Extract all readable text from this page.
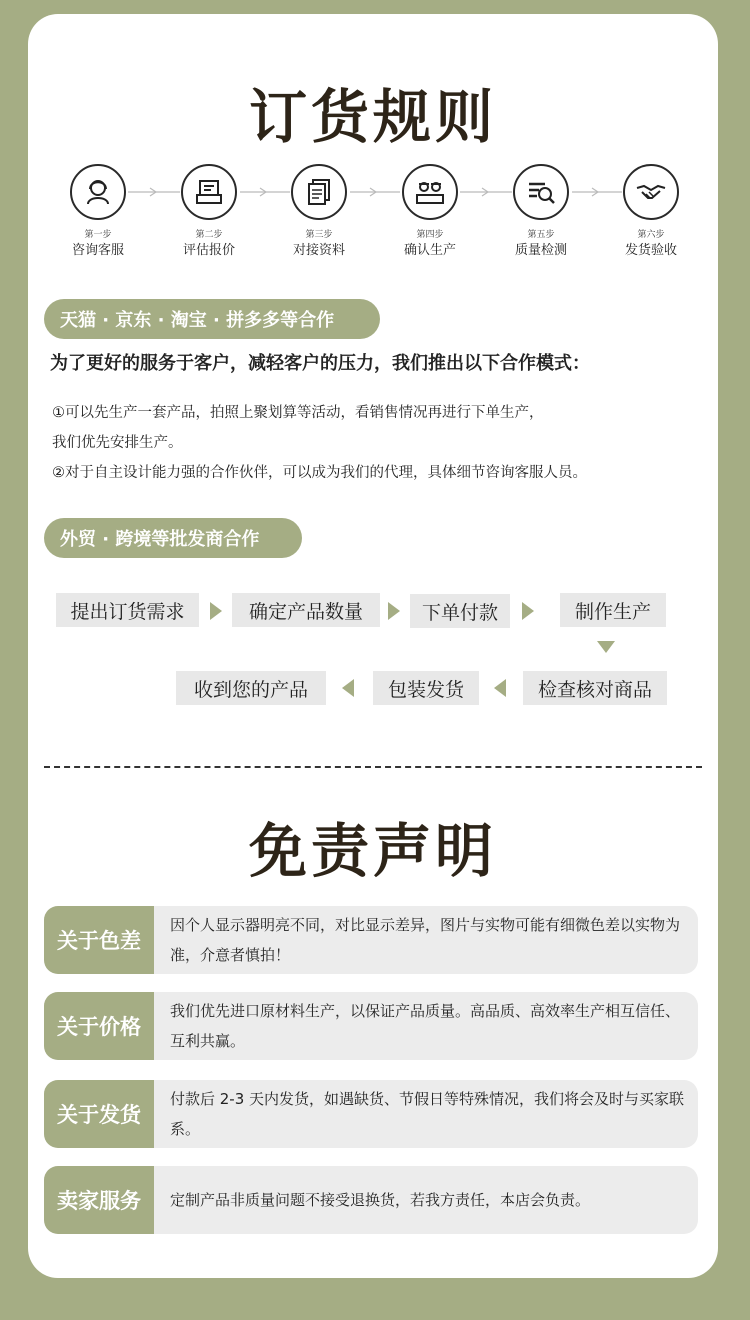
订货规则
第一步
咨询客服
第二步
评估报价
第三步
对接资料
第四步
确认生产
第五步
质量检测
第六步
发货验收
天猫 · 京东 · 淘宝 · 拼多多等合作
为了更好的服务于客户，减轻客户的压力，我们推出以下合作模式：
①可以先生产一套产品，拍照上聚划算等活动，看销售情况再进行下单生产，
我们优先安排生产。
②对于自主设计能力强的合作伙伴，可以成为我们的代理，具体细节咨询客服人员。
外贸 · 跨境等批发商合作
提出订货需求	确定产品数量	下单付款	制作生产
收到您的产品	包装发货	检查核对商品
免责声明
关于色差
因个人显示器明亮不同，对比显示差异，图片与实物可能有细微色差以实物为准，介意者慎拍！
关于价格
我们优先进口原材料生产，以保证产品质量。高品质、高效率生产相互信任、互利共赢。
关于发货
付款后 2-3 天内发货，如遇缺货、节假日等特殊情况，我们将会及时与买家联系。
卖家服务	定制产品非质量问题不接受退换货，若我方责任，本店会负责。
